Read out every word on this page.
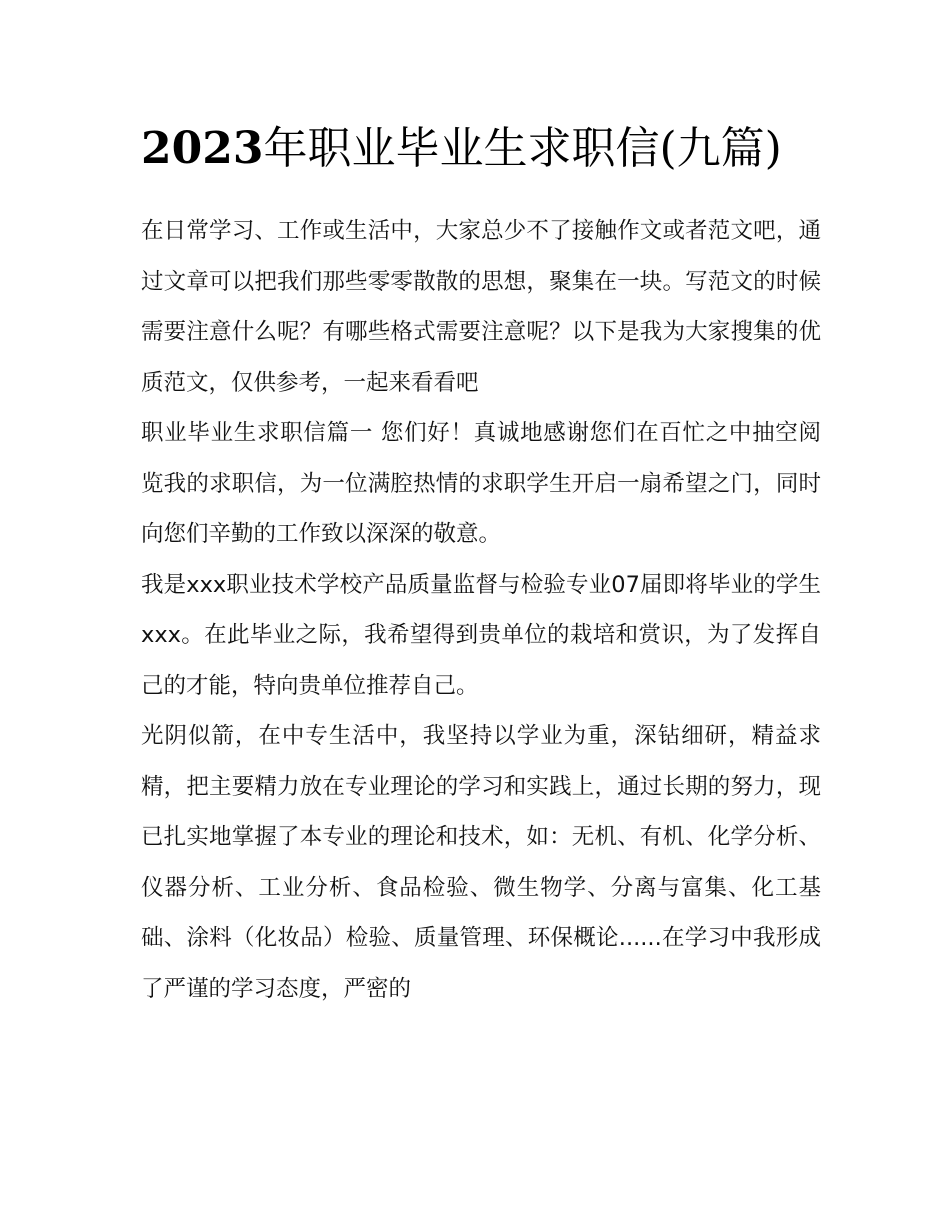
2023年职业毕业生求职信(九篇)

在日常学习、工作或生活中，大家总少不了接触作文或者范文吧，通过文章可以把我们那些零零散散的思想，聚集在一块。写范文的时候需要注意什么呢？有哪些格式需要注意呢？以下是我为大家搜集的优质范文，仅供参考，一起来看看吧

职业毕业生求职信篇一 您们好！真诚地感谢您们在百忙之中抽空阅览我的求职信，为一位满腔热情的求职学生开启一扇希望之门，同时向您们辛勤的工作致以深深的敬意。

我是xxx职业技术学校产品质量监督与检验专业07届即将毕业的学生xxx。在此毕业之际，我希望得到贵单位的栽培和赏识，为了发挥自己的才能，特向贵单位推荐自己。

光阴似箭，在中专生活中，我坚持以学业为重，深钻细研，精益求精，把主要精力放在专业理论的学习和实践上，通过长期的努力，现已扎实地掌握了本专业的理论和技术，如：无机、有机、化学分析、仪器分析、工业分析、食品检验、微生物学、分离与富集、化工基础、涂料（化妆品）检验、质量管理、环保概论......在学习中我形成了严谨的学习态度，严密的
